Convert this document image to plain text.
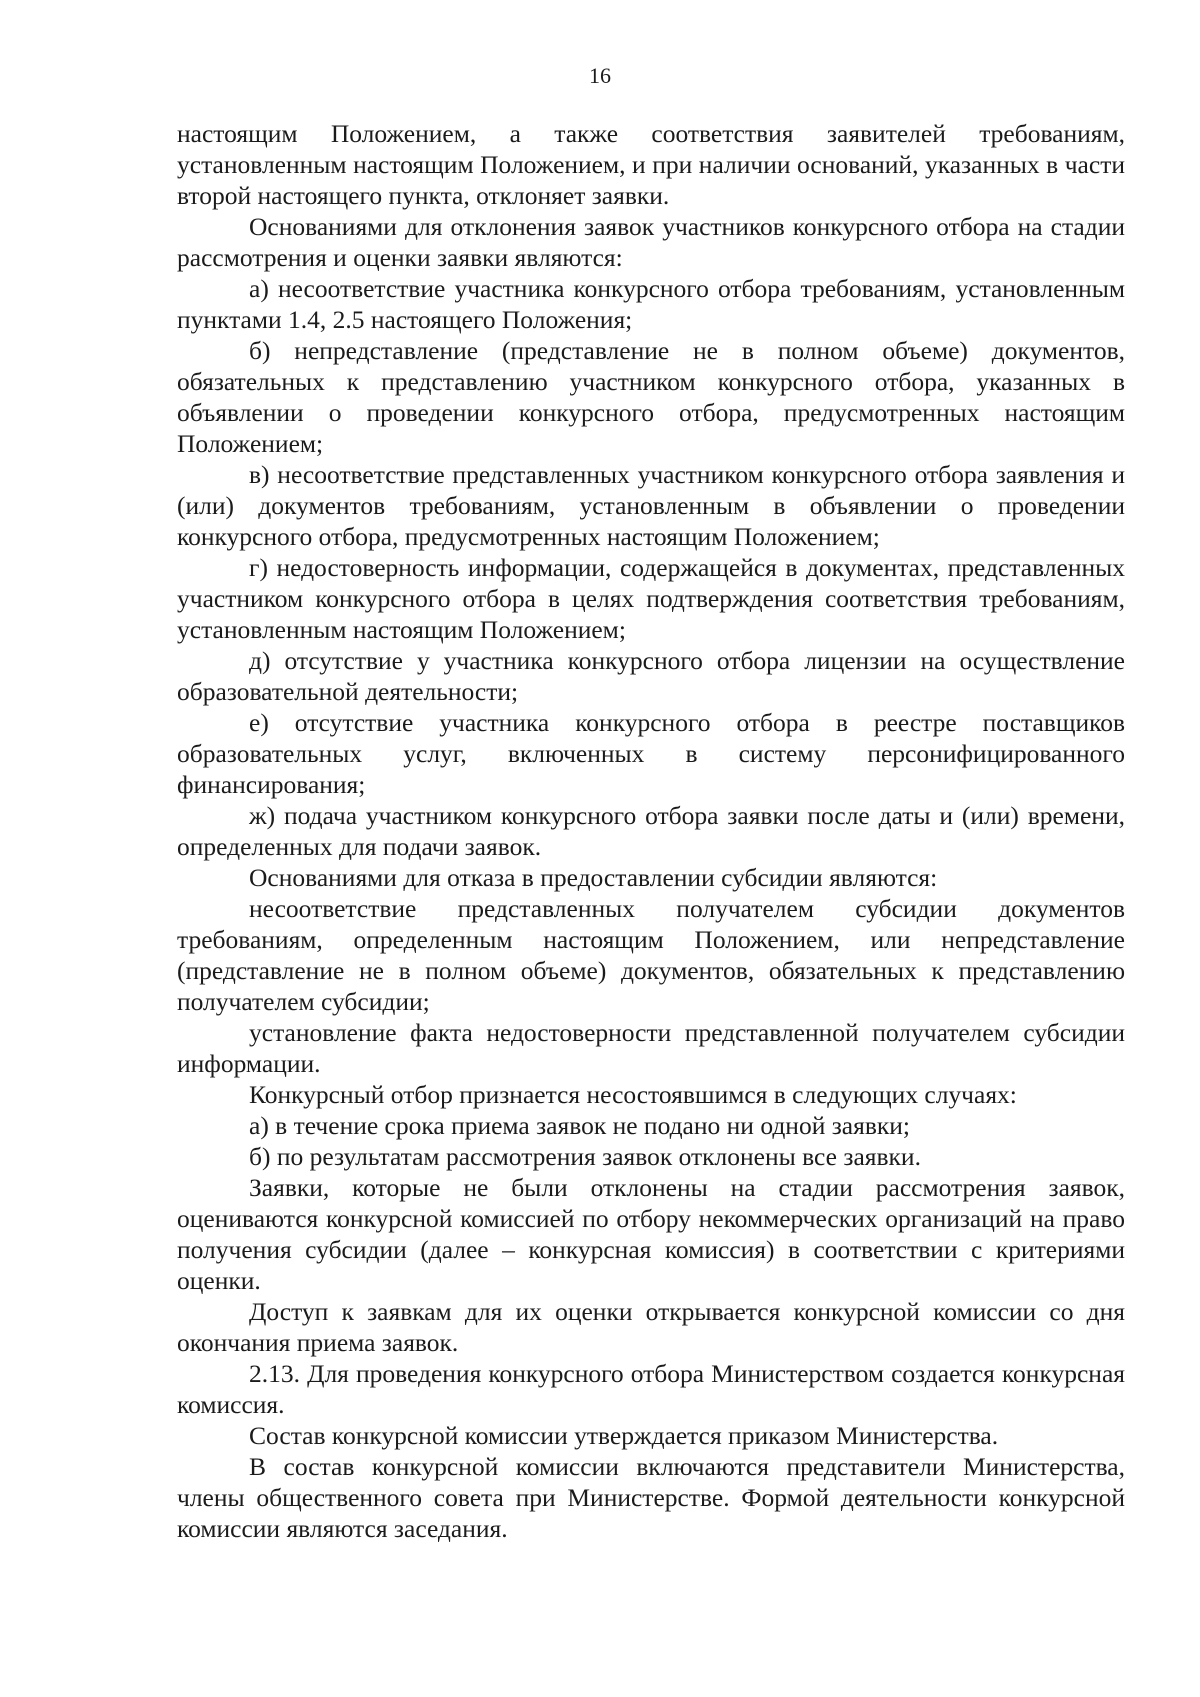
16

настоящим Положением, а также соответствия заявителей требованиям, установленным настоящим Положением, и при наличии оснований, указанных в части второй настоящего пункта, отклоняет заявки.

Основаниями для отклонения заявок участников конкурсного отбора на стадии рассмотрения и оценки заявки являются:

а) несоответствие участника конкурсного отбора требованиям, установленным пунктами 1.4, 2.5 настоящего Положения;

б) непредставление (представление не в полном объеме) документов, обязательных к представлению участником конкурсного отбора, указанных в объявлении о проведении конкурсного отбора, предусмотренных настоящим Положением;

в) несоответствие представленных участником конкурсного отбора заявления и (или) документов требованиям, установленным в объявлении о проведении конкурсного отбора, предусмотренных настоящим Положением;

г) недостоверность информации, содержащейся в документах, представленных участником конкурсного отбора в целях подтверждения соответствия требованиям, установленным настоящим Положением;

д) отсутствие у участника конкурсного отбора лицензии на осуществление образовательной деятельности;

е) отсутствие участника конкурсного отбора в реестре поставщиков образовательных услуг, включенных в систему персонифицированного финансирования;

ж) подача участником конкурсного отбора заявки после даты и (или) времени, определенных для подачи заявок.

Основаниями для отказа в предоставлении субсидии являются:

несоответствие представленных получателем субсидии документов требованиям, определенным настоящим Положением, или непредставление (представление не в полном объеме) документов, обязательных к представлению получателем субсидии;

установление факта недостоверности представленной получателем субсидии информации.

Конкурсный отбор признается несостоявшимся в следующих случаях:

а) в течение срока приема заявок не подано ни одной заявки;

б) по результатам рассмотрения заявок отклонены все заявки.

Заявки, которые не были отклонены на стадии рассмотрения заявок, оцениваются конкурсной комиссией по отбору некоммерческих организаций на право получения субсидии (далее – конкурсная комиссия) в соответствии с критериями оценки.

Доступ к заявкам для их оценки открывается конкурсной комиссии со дня окончания приема заявок.

2.13. Для проведения конкурсного отбора Министерством создается конкурсная комиссия.

Состав конкурсной комиссии утверждается приказом Министерства.

В состав конкурсной комиссии включаются представители Министерства, члены общественного совета при Министерстве. Формой деятельности конкурсной комиссии являются заседания.
